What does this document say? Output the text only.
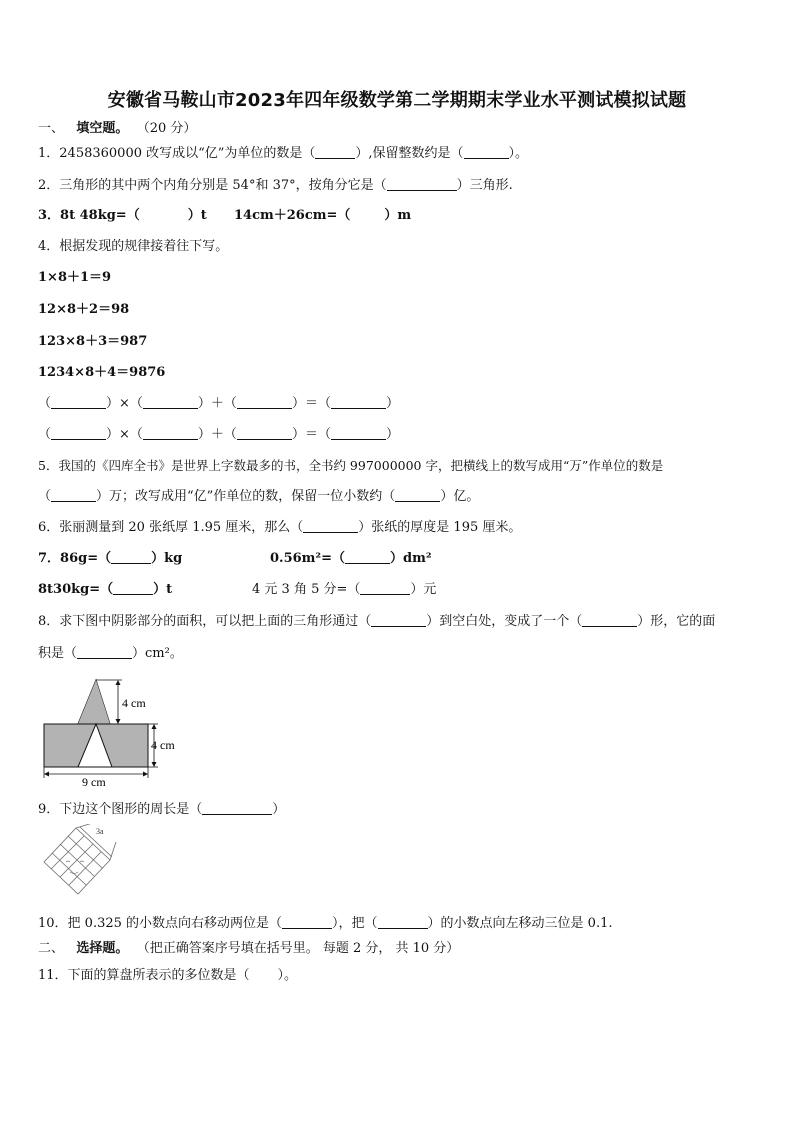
安徽省马鞍山市2023年四年级数学第二学期期末学业水平测试模拟试题
一、 填空题。 （20 分）
1．2458360000 改写成以“亿”为单位的数是（	）,保留整数约是（	）。
2．三角形的其中两个内角分别是 54°和 37°，按角分它是（	）三角形.
3．8t 48kg=（	）t 14cm＋26cm=（	）m
4．根据发现的规律接着往下写。
1×8＋1＝9
12×8＋2＝98
123×8＋3＝987
1234×8＋4＝9876
（	）×（	）＋（	）＝（	）
（	）×（	）＋（	）＝（	）
5．我国的《四库全书》是世界上字数最多的书，全书约 997000000 字，把横线上的数写成用“万”作单位的数是
（	）万；改写成用“亿”作单位的数，保留一位小数约（	）亿。
6．张丽测量到 20 张纸厚 1.95 厘米，那么（	）张纸的厚度是 195 厘米。
7．86g=（	）kg	0.56m²=（	）dm²
8t30kg=（	）t	4 元 3 角 5 分=（	）元
8．求下图中阴影部分的面积，可以把上面的三角形通过（	）到空白处，变成了一个（	）形，它的面
积是（	）cm²。
4 cm
4 cm
9 cm
9．下边这个图形的周长是（	）
3a
10．把 0.325 的小数点向右移动两位是（	），把（	）的小数点向左移动三位是 0.1.
二、 选择题。 （把正确答案序号填在括号里。 每题 2 分， 共 10 分）
11．下面的算盘所表示的多位数是（ ）。
